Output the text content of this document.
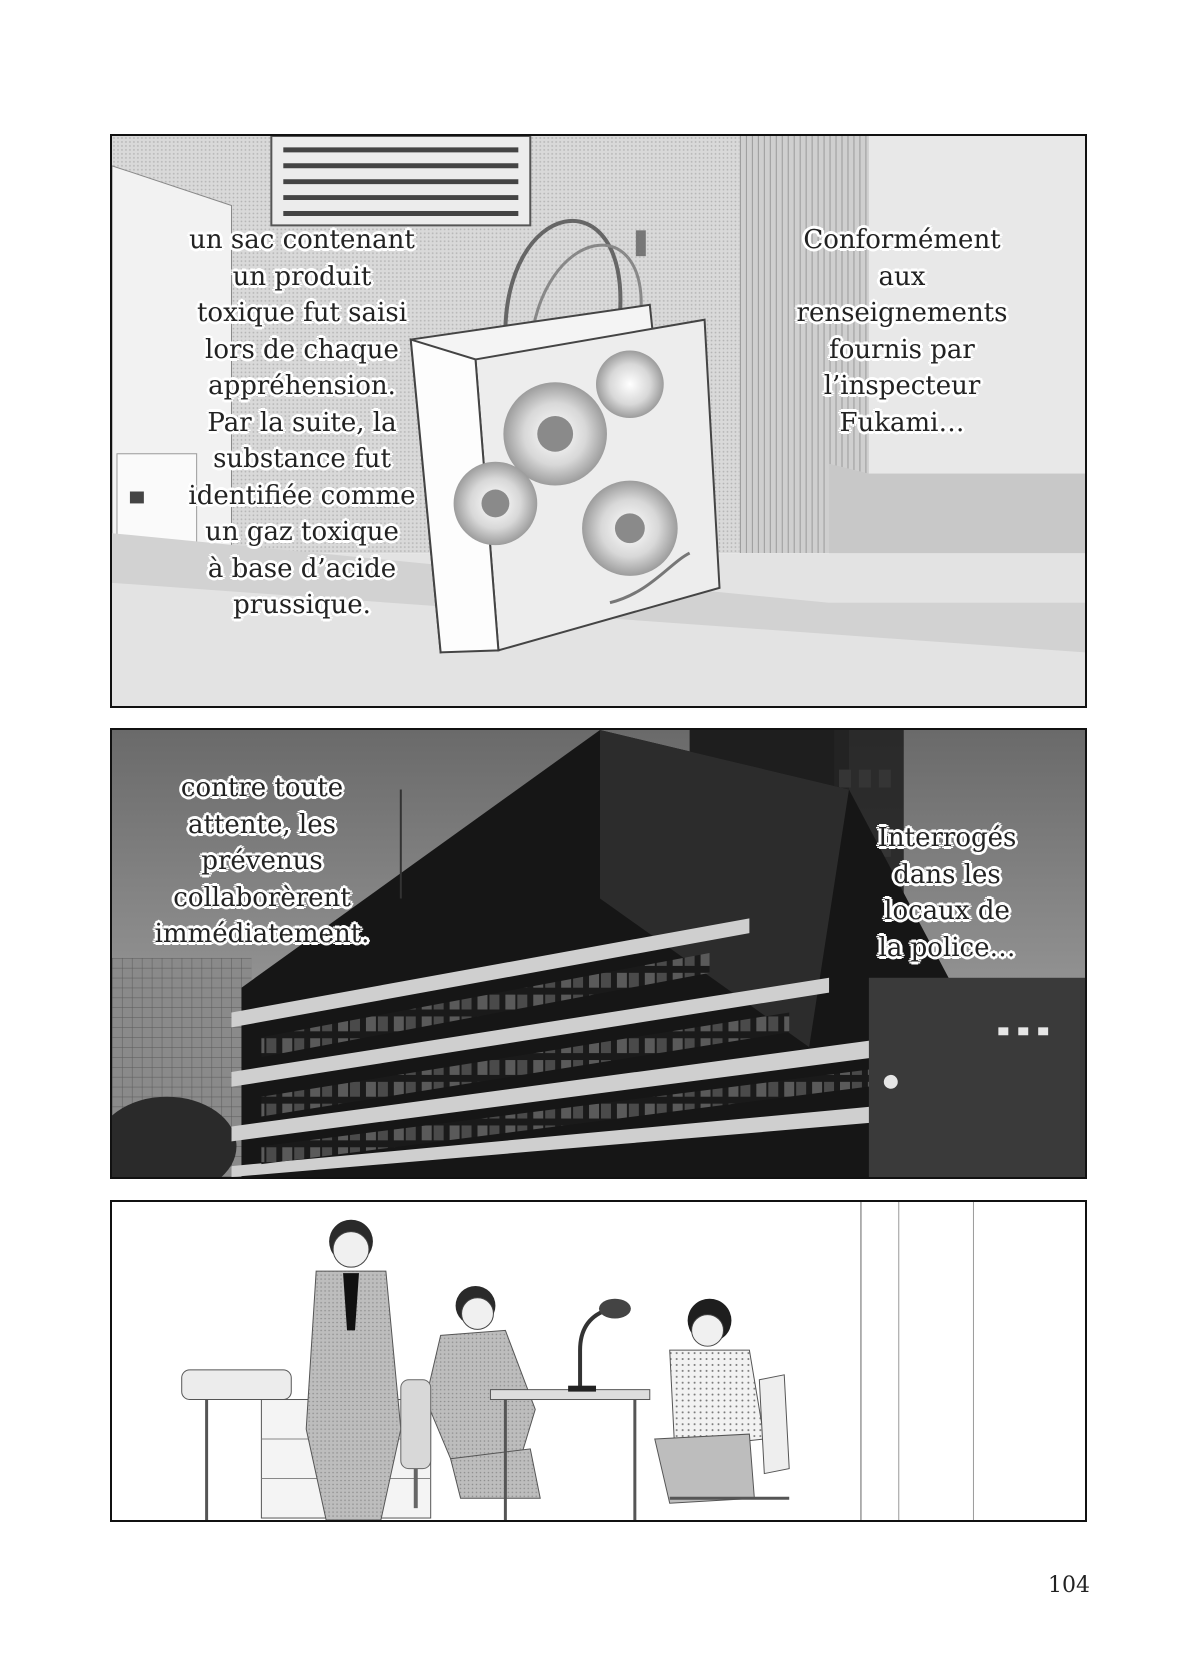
un sac contenant
un produit
toxique fut saisi
lors de chaque
appréhension.
Par la suite, la
substance fut
identifiée comme
un gaz toxique
à base d’acide
prussique.
Conformément
aux
renseignements
fournis par
l’inspecteur
Fukami…
contre toute
attente, les
prévenus
collaborèrent
immédiatement.
Interrogés
dans les
locaux de
la police…
104
